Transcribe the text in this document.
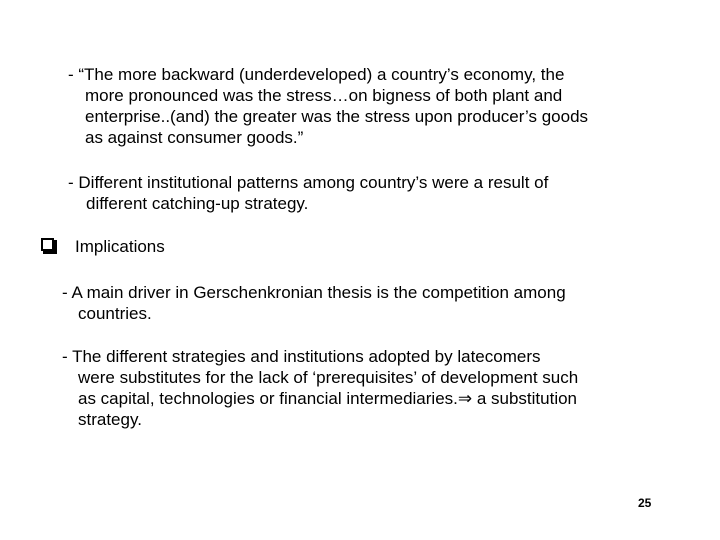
- “The more backward (underdeveloped) a country’s economy, the
more pronounced was the stress…on bigness of both plant and
enterprise..(and) the greater was the stress upon producer’s goods
as against consumer goods.”
- Different institutional patterns among country’s were a result of
different catching-up strategy.
Implications
- A main driver in Gerschenkronian thesis is the competition among
countries.
- The different strategies and institutions adopted by latecomers
were substitutes for the lack of ‘prerequisites’ of development such
as capital, technologies or financial intermediaries.⇒ a substitution
strategy.
25
